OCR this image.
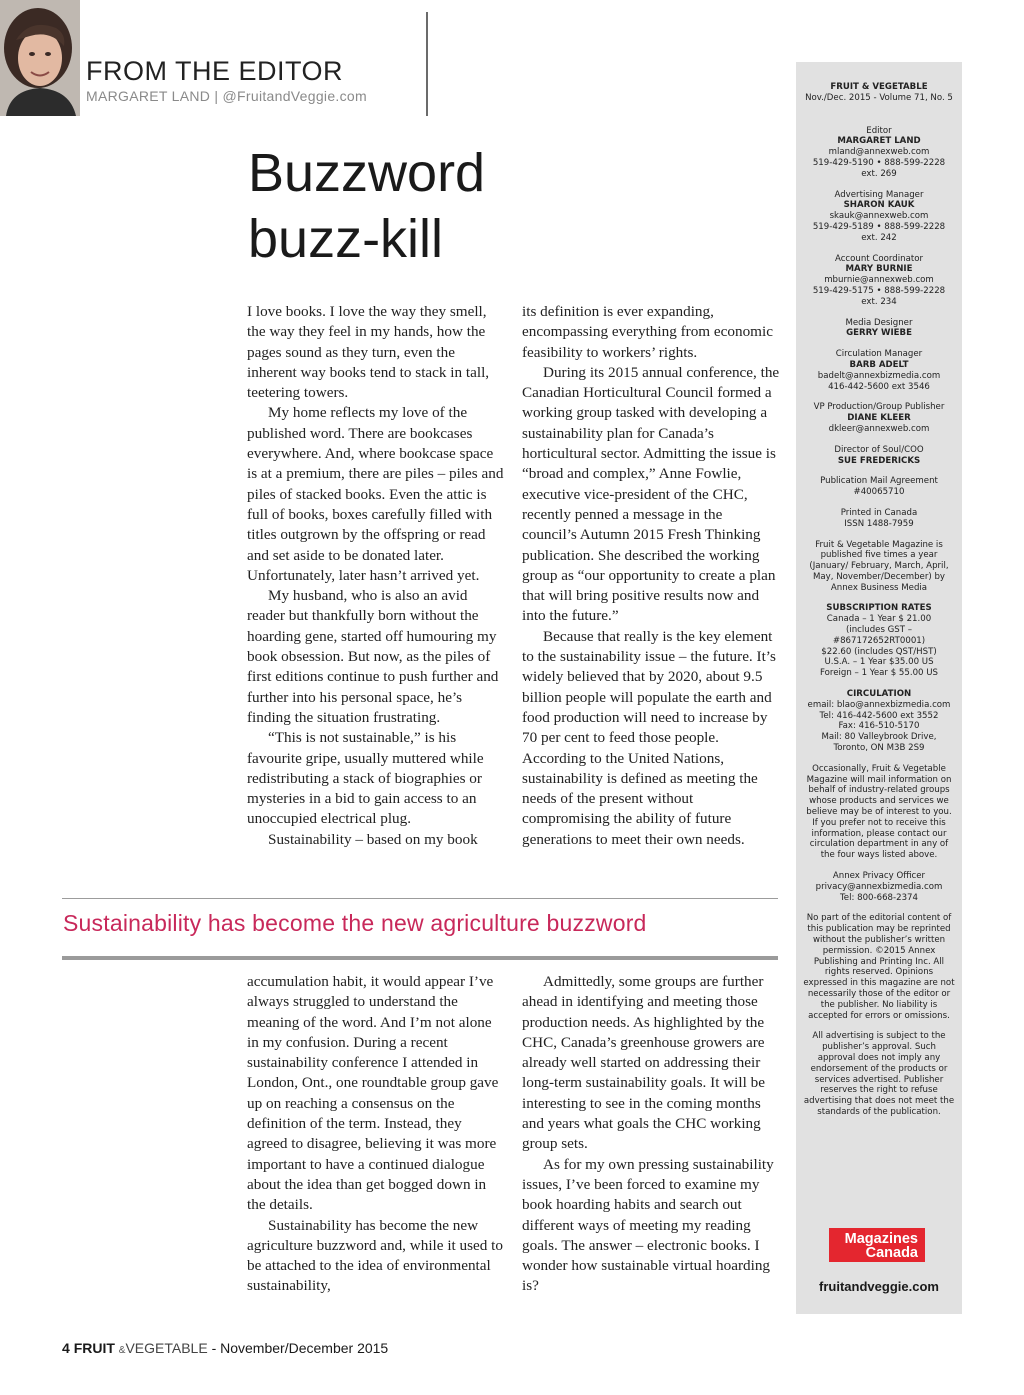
FROM THE EDITOR
MARGARET LAND | @FruitandVeggie.com
Buzzword
buzz-kill

I love books. I love the way they smell, the way they feel in my hands, how the pages sound as they turn, even the inherent way books tend to stack in tall, teetering towers.

My home reflects my love of the published word. There are bookcases everywhere. And, where bookcase space is at a premium, there are piles – piles and piles of stacked books. Even the attic is full of books, boxes carefully filled with titles outgrown by the offspring or read and set aside to be donated later. Unfortunately, later hasn’t arrived yet.

My husband, who is also an avid reader but thankfully born without the hoarding gene, started off humouring my book obsession. But now, as the piles of first editions continue to push further and further into his personal space, he’s finding the situation frustrating.

“This is not sustainable,” is his favourite gripe, usually muttered while redistributing a stack of biographies or mysteries in a bid to gain access to an unoccupied electrical plug.

Sustainability – based on my book

its definition is ever expanding, encompassing everything from economic feasibility to workers’ rights.

During its 2015 annual conference, the Canadian Horticultural Council formed a working group tasked with developing a sustainability plan for Canada’s horticultural sector. Admitting the issue is “broad and complex,” Anne Fowlie, executive vice-president of the CHC, recently penned a message in the council’s Autumn 2015 Fresh Thinking publication. She described the working group as “our opportunity to create a plan that will bring positive results now and into the future.”

Because that really is the key element to the sustainability issue – the future. It’s widely believed that by 2020, about 9.5 billion people will populate the earth and food production will need to increase by 70 per cent to feed those people. According to the United Nations, sustainability is defined as meeting the needs of the present without compromising the ability of future generations to meet their own needs.

Sustainability has become the new agriculture buzzword

accumulation habit, it would appear I’ve always struggled to understand the meaning of the word. And I’m not alone in my confusion. During a recent sustainability conference I attended in London, Ont., one roundtable group gave up on reaching a consensus on the definition of the term. Instead, they agreed to disagree, believing it was more important to have a continued dialogue about the idea than get bogged down in the details.

Sustainability has become the new agriculture buzzword and, while it used to be attached to the idea of environmental sustainability,

Admittedly, some groups are further ahead in identifying and meeting those production needs. As highlighted by the CHC, Canada’s greenhouse growers are already well started on addressing their long-term sustainability goals. It will be interesting to see in the coming months and years what goals the CHC working group sets.

As for my own pressing sustainability issues, I’ve been forced to examine my book hoarding habits and search out different ways of meeting my reading goals. The answer – electronic books. I wonder how sustainable virtual hoarding is?

FRUIT & VEGETABLE
Nov./Dec. 2015 - Volume 71, No. 5
Editor
MARGARET LAND
mland@annexweb.com
519-429-5190 • 888-599-2228
ext. 269
Advertising Manager
SHARON KAUK
skauk@annexweb.com
519-429-5189 • 888-599-2228
ext. 242
Account Coordinator
MARY BURNIE
mburnie@annexweb.com
519-429-5175 • 888-599-2228
ext. 234
Media Designer
GERRY WIEBE
Circulation Manager
BARB ADELT
badelt@annexbizmedia.com
416-442-5600 ext 3546
VP Production/Group Publisher
DIANE KLEER
dkleer@annexweb.com
Director of Soul/COO
SUE FREDERICKS
Publication Mail Agreement
#40065710
Printed in Canada
ISSN 1488-7959
Fruit & Vegetable Magazine is published five times a year (January/ February, March, April, May, November/December) by Annex Business Media
SUBSCRIPTION RATES
Canada – 1 Year $ 21.00
(includes GST – #867172652RT0001)
$22.60 (includes QST/HST)
U.S.A. – 1 Year $35.00 US
Foreign – 1 Year $ 55.00 US
CIRCULATION
email: blao@annexbizmedia.com
Tel: 416-442-5600 ext 3552
Fax: 416-510-5170
Mail: 80 Valleybrook Drive, Toronto, ON M3B 2S9
Occasionally, Fruit & Vegetable Magazine will mail information on behalf of industry-related groups whose products and services we believe may be of interest to you. If you prefer not to receive this information, please contact our circulation department in any of the four ways listed above.
Annex Privacy Officer
privacy@annexbizmedia.com
Tel: 800-668-2374
No part of the editorial content of this publication may be reprinted without the publisher’s written permission. ©2015 Annex Publishing and Printing Inc. All rights reserved. Opinions expressed in this magazine are not necessarily those of the editor or the publisher. No liability is accepted for errors or omissions.
All advertising is subject to the publisher’s approval. Such approval does not imply any endorsement of the products or services advertised. Publisher reserves the right to refuse advertising that does not meet the standards of the publication.
Magazines
Canada
fruitandveggie.com
4 FRUIT &VEGETABLE - November/December 2015
